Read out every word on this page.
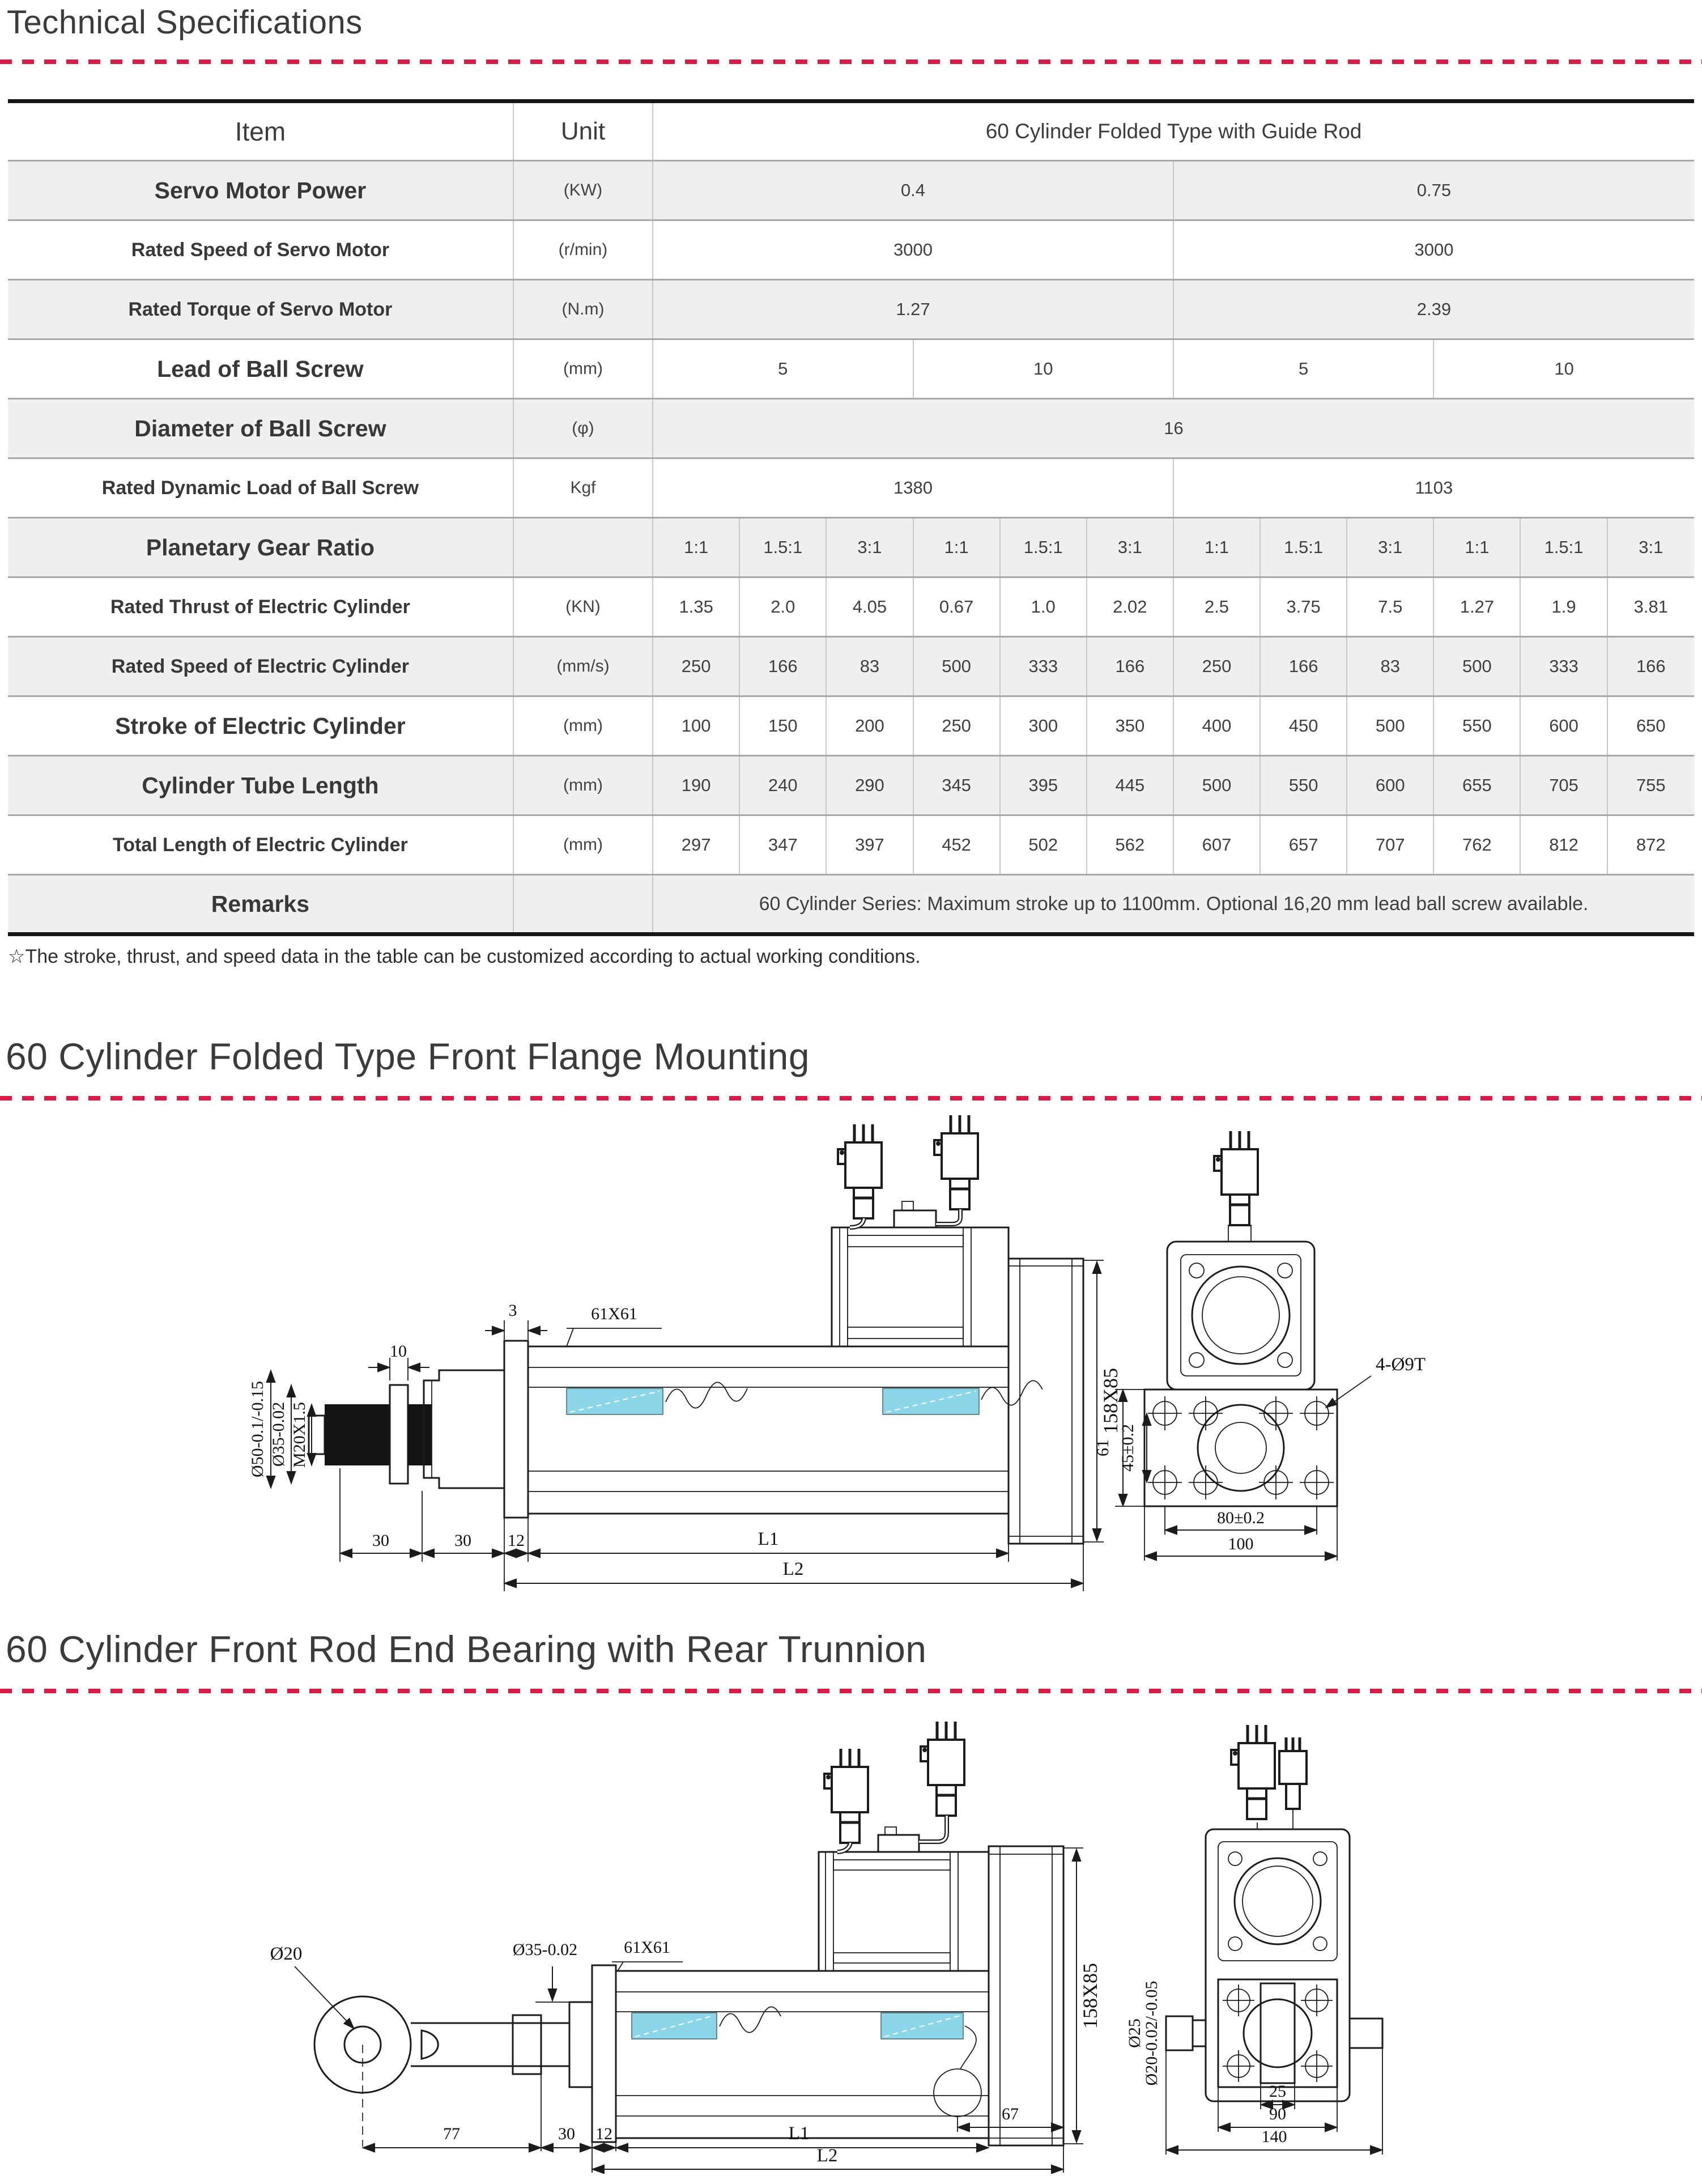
Technical Specifications
Item	Unit	60 Cylinder Folded Type with Guide Rod											
Servo Motor Power	(KW)	0.4						0.75					
Rated Speed of Servo Motor	(r/min)	3000						3000					
Rated Torque of Servo Motor	(N.m)	1.27						2.39					
Lead of Ball Screw	(mm)	5			10			5			10		
Diameter of Ball Screw	(φ)	16											
Rated Dynamic Load of Ball Screw	Kgf	1380						1103					
Planetary Gear Ratio		1:1	1.5:1	3:1	1:1	1.5:1	3:1	1:1	1.5:1	3:1	1:1	1.5:1	3:1
Rated Thrust of Electric Cylinder	(KN)	1.35	2.0	4.05	0.67	1.0	2.02	2.5	3.75	7.5	1.27	1.9	3.81
Rated Speed of Electric Cylinder	(mm/s)	250	166	83	500	333	166	250	166	83	500	333	166
Stroke of Electric Cylinder	(mm)	100	150	200	250	300	350	400	450	500	550	600	650
Cylinder Tube Length	(mm)	190	240	290	345	395	445	500	550	600	655	705	755
Total Length of Electric Cylinder	(mm)	297	347	397	452	502	562	607	657	707	762	812	872
Remarks		60 Cylinder Series: Maximum stroke up to 1100mm. Optional 16,20 mm lead ball screw available.											

☆The stroke, thrust, and speed data in the table can be customized according to actual working conditions.

60 Cylinder Folded Type Front Flange Mounting
10
Ø50-0.1/-0.15 Ø35-0.02 M20X1.5
3	61X61
158X85
30	30 12	L1
L2
4-Ø9T
61 45±0.2
80±0.2
100
60 Cylinder Front Rod End Bearing with Rear Trunnion
Ø20	Ø35-0.02	61X61
158X85
67
77	30 12	L1
L2
Ø25
Ø20-0.02/-0.05
25
90
140
